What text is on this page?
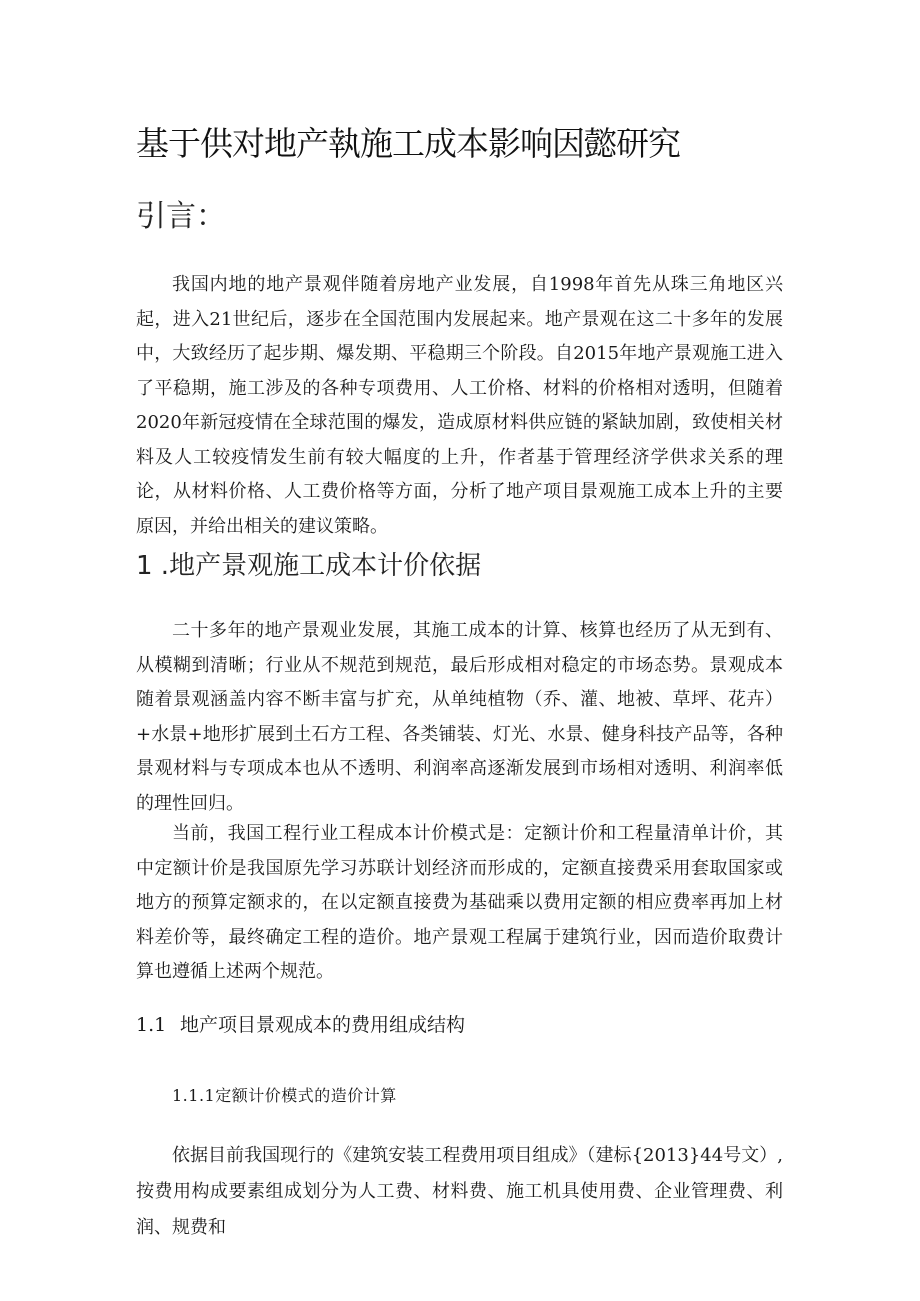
基于供对地产執施工成本影响因懿研究
引言：

我国内地的地产景观伴随着房地产业发展，自1998年首先从珠三角地区兴起，进入21世纪后，逐步在全国范围内发展起来。地产景观在这二十多年的发展中，大致经历了起步期、爆发期、平稳期三个阶段。自2015年地产景观施工进入了平稳期，施工涉及的各种专项费用、人工价格、材料的价格相对透明，但随着2020年新冠疫情在全球范围的爆发，造成原材料供应链的紧缺加剧，致使相关材料及人工较疫情发生前有较大幅度的上升，作者基于管理经济学供求关系的理论，从材料价格、人工费价格等方面，分析了地产项目景观施工成本上升的主要原因，并给出相关的建议策略。

1 .地产景观施工成本计价依据

二十多年的地产景观业发展，其施工成本的计算、核算也经历了从无到有、从模糊到清晰；行业从不规范到规范，最后形成相对稳定的市场态势。景观成本随着景观涵盖内容不断丰富与扩充，从单纯植物（乔、灌、地被、草坪、花卉）+水景+地形扩展到土石方工程、各类铺装、灯光、水景、健身科技产品等，各种景观材料与专项成本也从不透明、利润率高逐渐发展到市场相对透明、利润率低的理性回归。

当前，我国工程行业工程成本计价模式是：定额计价和工程量清单计价，其中定额计价是我国原先学习苏联计划经济而形成的，定额直接费采用套取国家或地方的预算定额求的，在以定额直接费为基础乘以费用定额的相应费率再加上材料差价等，最终确定工程的造价。地产景观工程属于建筑行业，因而造价取费计算也遵循上述两个规范。

1.1 地产项目景观成本的费用组成结构
1.1.1定额计价模式的造价计算

依据目前我国现行的《建筑安装工程费用项目组成》（建标{2013}44号文）,按费用构成要素组成划分为人工费、材料费、施工机具使用费、企业管理费、利润、规费和
